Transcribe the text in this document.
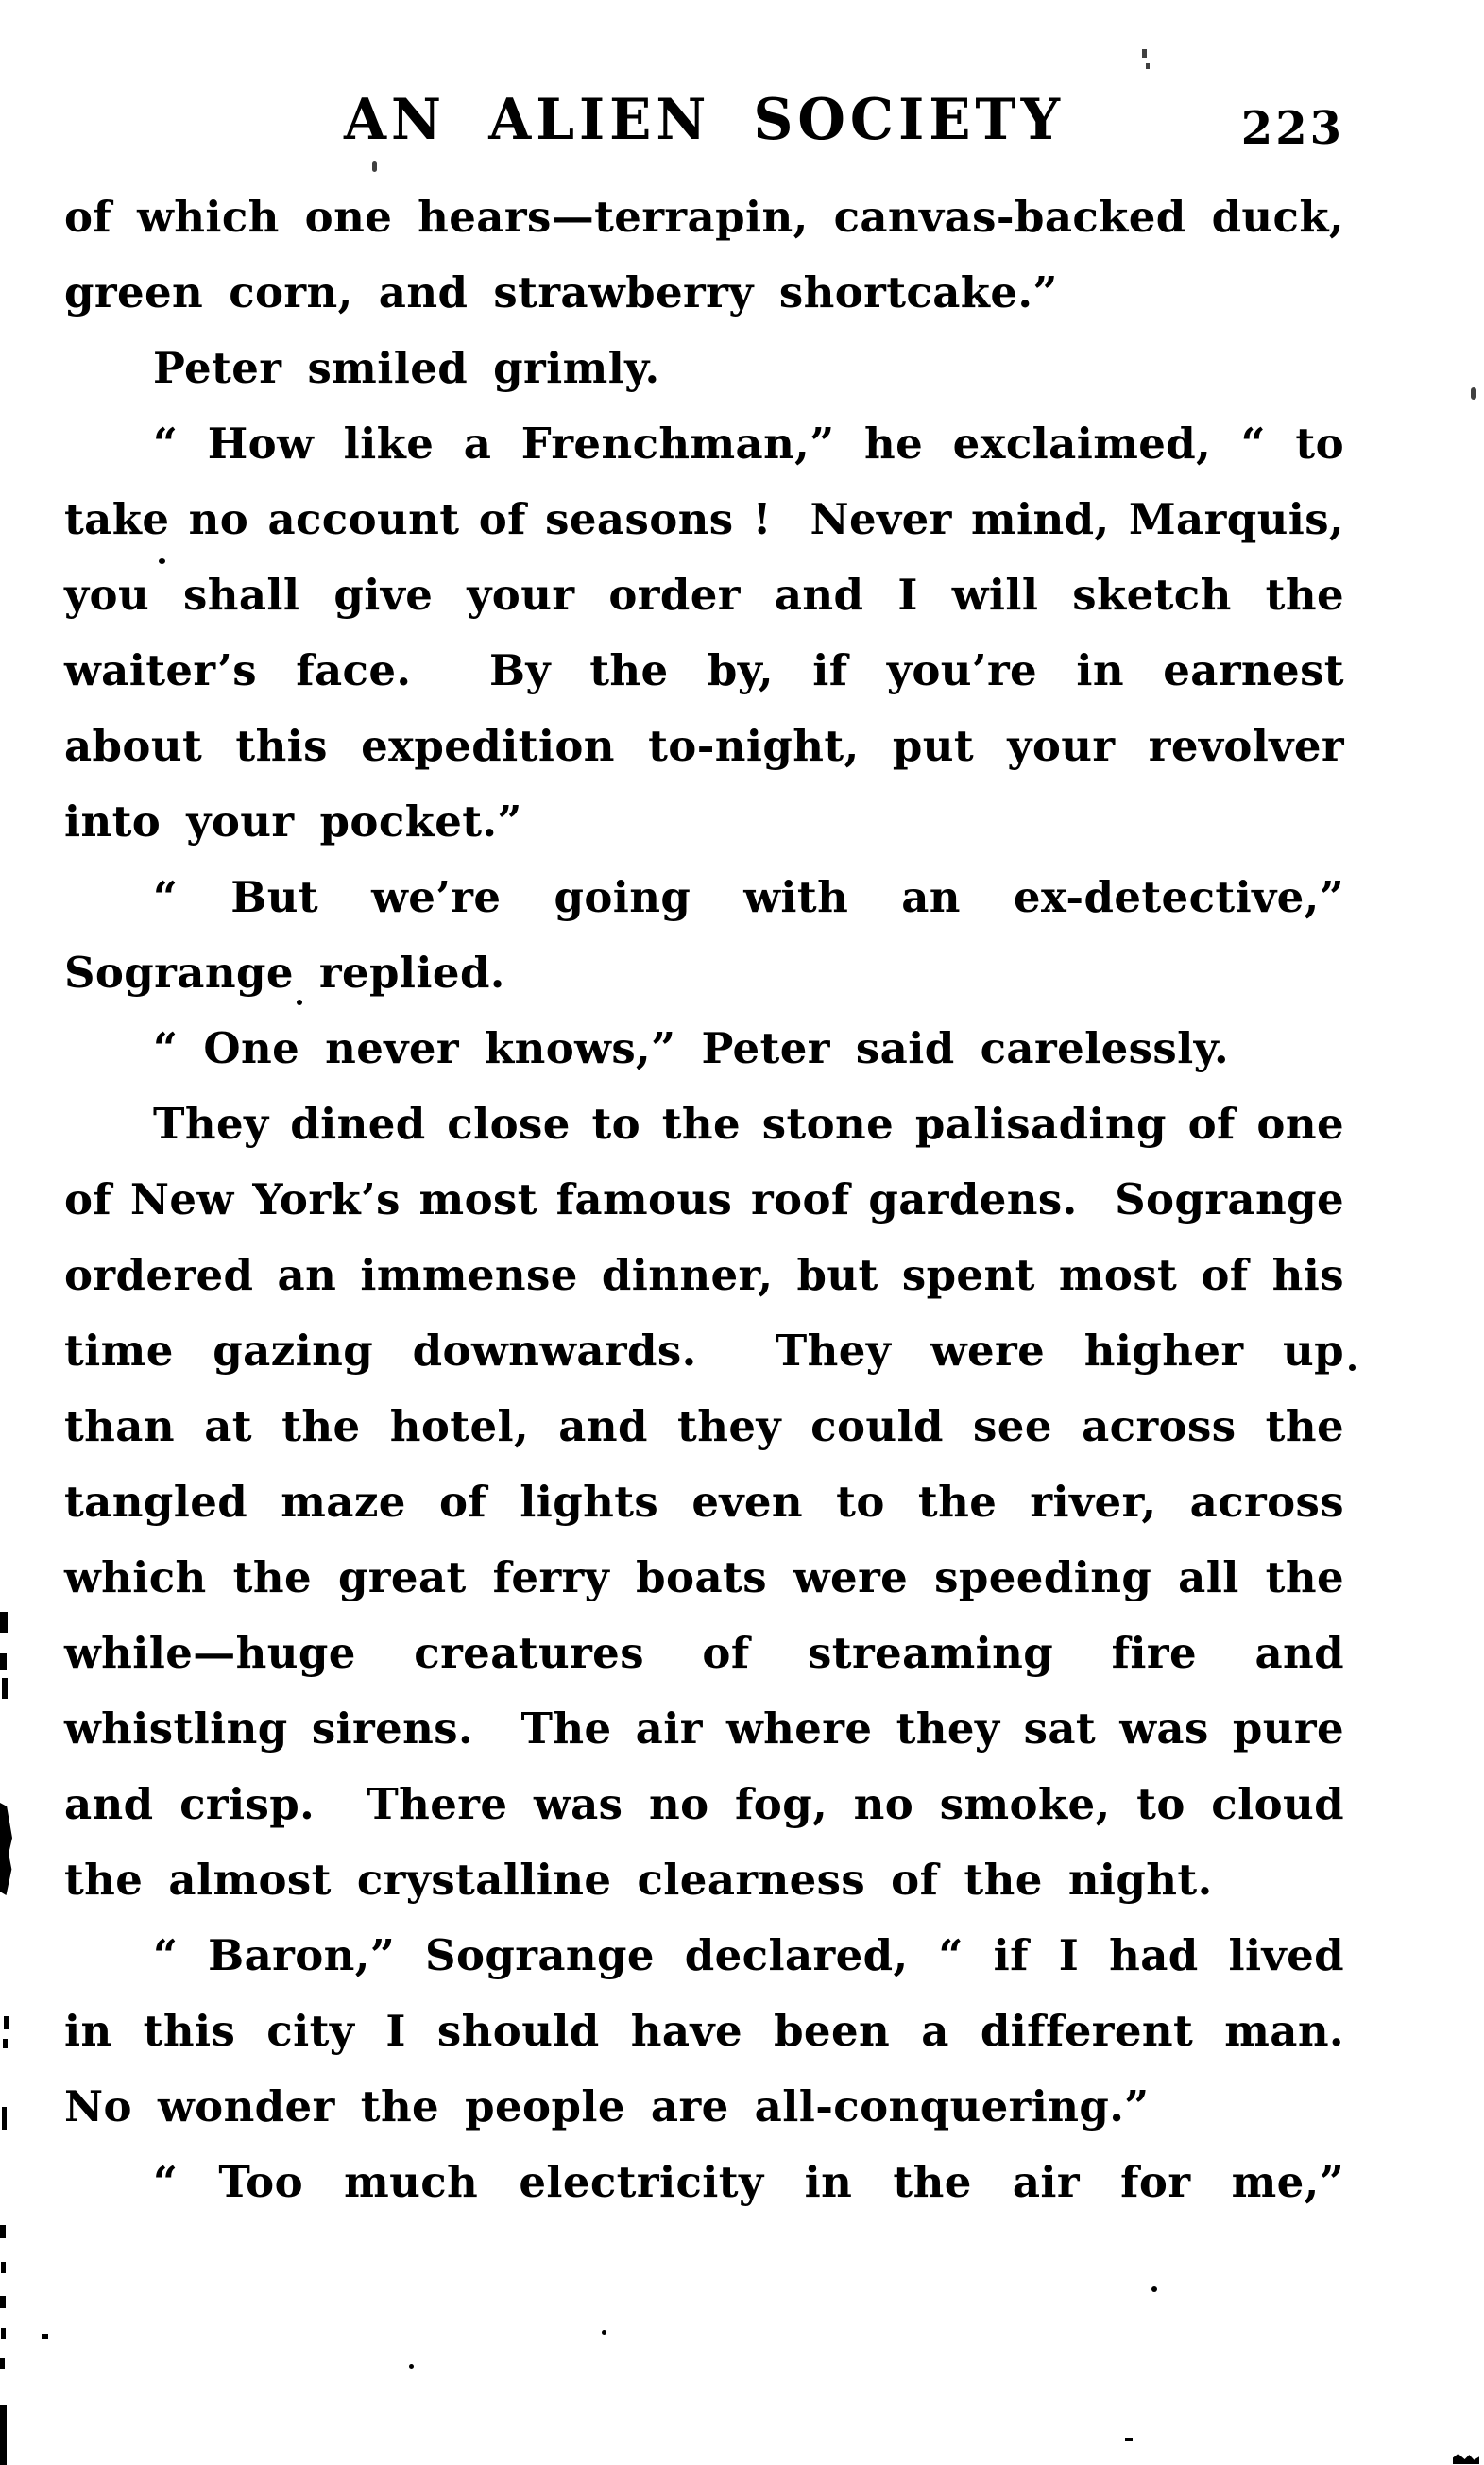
AN ALIEN SOCIETY	223
of which one hears—terrapin, canvas-backed duck,
green corn, and strawberry shortcake.”
Peter smiled grimly.
“ How like a Frenchman,” he exclaimed, “ to
take no account of seasons !  Never mind, Marquis,
you shall give your order and I will sketch the
waiter’s face.  By the by, if you’re in earnest
about this expedition to-night, put your revolver
into your pocket.”
“ But we’re going with an ex-detective,”
Sogrange replied.
“ One never knows,” Peter said carelessly.
They dined close to the stone palisading of one
of New York’s most famous roof gardens.  Sogrange
ordered an immense dinner, but spent most of his
time gazing downwards.  They were higher up
than at the hotel, and they could see across the
tangled maze of lights even to the river, across
which the great ferry boats were speeding all the
while—huge creatures of streaming fire and
whistling sirens.  The air where they sat was pure
and crisp.  There was no fog, no smoke, to cloud
the almost crystalline clearness of the night.
“ Baron,” Sogrange declared, “ if I had lived
in this city I should have been a different man.
No wonder the people are all-conquering.”
“ Too much electricity in the air for me,”
